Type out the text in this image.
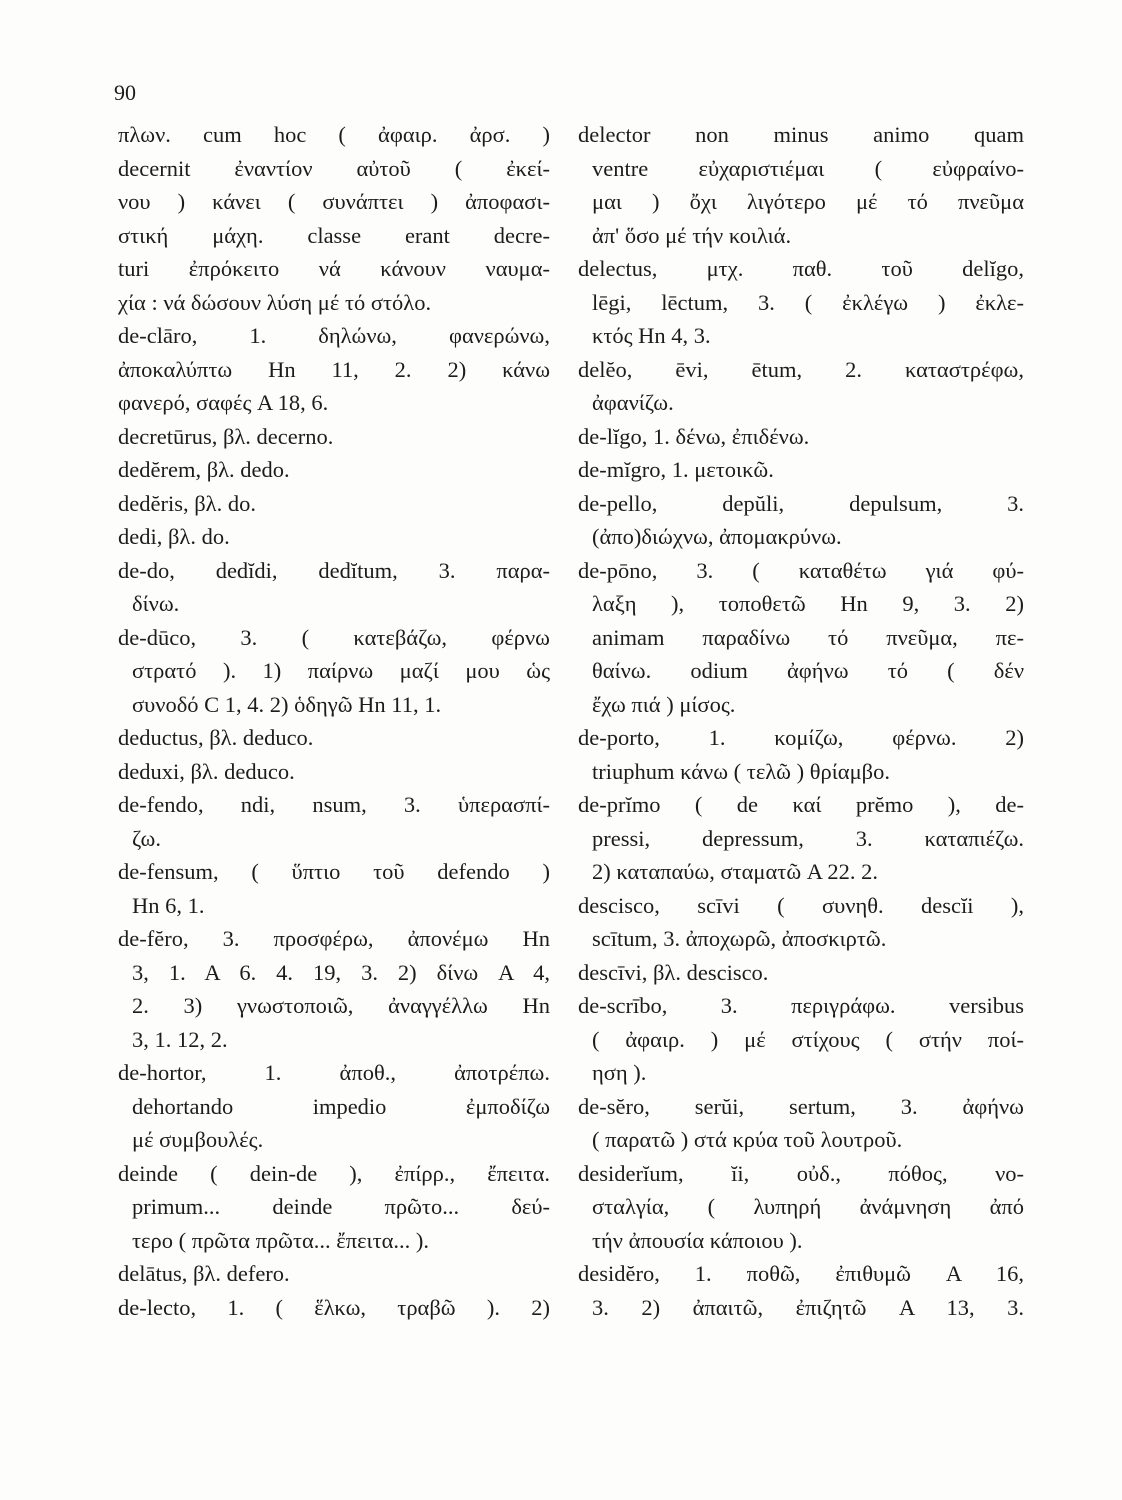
90
πλων. cum hoc ( ἀφαιρ. ἀρσ. )
decernit ἐναντίον αὐτοῦ ( ἐκεί-
νου ) κάνει ( συνάπτει ) ἀποφασι-
στική μάχη. classe erant decre-
turi ἐπρόκειτο νά κάνουν ναυμα-
χία : νά δώσουν λύση μέ τό στόλο.
de-clāro, 1. δηλώνω, φανερώνω,
ἀποκαλύπτω Hn 11, 2. 2) κάνω
φανερό, σαφές A 18, 6.
decretūrus, βλ. decerno.
dedĕrem, βλ. dedo.
dedĕris, βλ. do.
dedi, βλ. do.
de-do, dedĭdi, dedĭtum, 3. παρα-
δίνω.
de-dūco, 3. ( κατεβάζω, φέρνω
στρατό ). 1) παίρνω μαζί μου ὡς
συνοδό C 1, 4. 2) ὁδηγῶ Hn 11, 1.
deductus, βλ. deduco.
deduxi, βλ. deduco.
de-fendo, ndi, nsum, 3. ὑπερασπί-
ζω.
de-fensum, ( ὕπτιο τοῦ defendo )
Hn 6, 1.
de-fĕro, 3. προσφέρω, ἀπονέμω Hn
3, 1. A 6. 4. 19, 3. 2) δίνω A 4,
2. 3) γνωστοποιῶ, ἀναγγέλλω Hn
3, 1. 12, 2.
de-hortor, 1. ἀποθ., ἀποτρέπω.
dehortando impedio ἐμποδίζω
μέ συμβουλές.
deinde ( dein-de ), ἐπίρρ., ἔπειτα.
primum... deinde πρῶτο... δεύ-
τερο ( πρῶτα πρῶτα... ἔπειτα... ).
delātus, βλ. defero.
de-lecto, 1. ( ἕλκω, τραβῶ ). 2)
delector non minus animo quam
ventre εὐχαριστιέμαι ( εὐφραίνο-
μαι ) ὄχι λιγότερο μέ τό πνεῦμα
ἀπ' ὅσο μέ τήν κοιλιά.
delectus, μτχ. παθ. τοῦ delĭgo,
lēgi, lēctum, 3. ( ἐκλέγω ) ἐκλε-
κτός Hn 4, 3.
delĕo, ēvi, ētum, 2. καταστρέφω,
ἀφανίζω.
de-lĭgo, 1. δένω, ἐπιδένω.
de-mĭgro, 1. μετοικῶ.
de-pello, depŭli, depulsum, 3.
(ἀπο)διώχνω, ἀπομακρύνω.
de-pōno, 3. ( καταθέτω γιά φύ-
λαξη ), τοποθετῶ Hn 9, 3. 2)
animam παραδίνω τό πνεῦμα, πε-
θαίνω. odium ἀφήνω τό ( δέν
ἔχω πιά ) μίσος.
de-porto, 1. κομίζω, φέρνω. 2)
triuphum κάνω ( τελῶ ) θρίαμβο.
de-prĭmo ( de καί prĕmo ), de-
pressi, depressum, 3. καταπιέζω.
2) καταπαύω, σταματῶ A 22. 2.
descisco, scīvi ( συνηθ. descĭi ),
scītum, 3. ἀποχωρῶ, ἀποσκιρτῶ.
descīvi, βλ. descisco.
de-scrībo, 3. περιγράφω. versibus
( ἀφαιρ. ) μέ στίχους ( στήν ποί-
ηση ).
de-sĕro, serŭi, sertum, 3. ἀφήνω
( παρατῶ ) στά κρύα τοῦ λουτροῦ.
desiderĭum, ĭi, οὐδ., πόθος, νο-
σταλγία, ( λυπηρή ἀνάμνηση ἀπό
τήν ἀπουσία κάποιου ).
desidĕro, 1. ποθῶ, ἐπιθυμῶ A 16,
3. 2) ἀπαιτῶ, ἐπιζητῶ A 13, 3.
